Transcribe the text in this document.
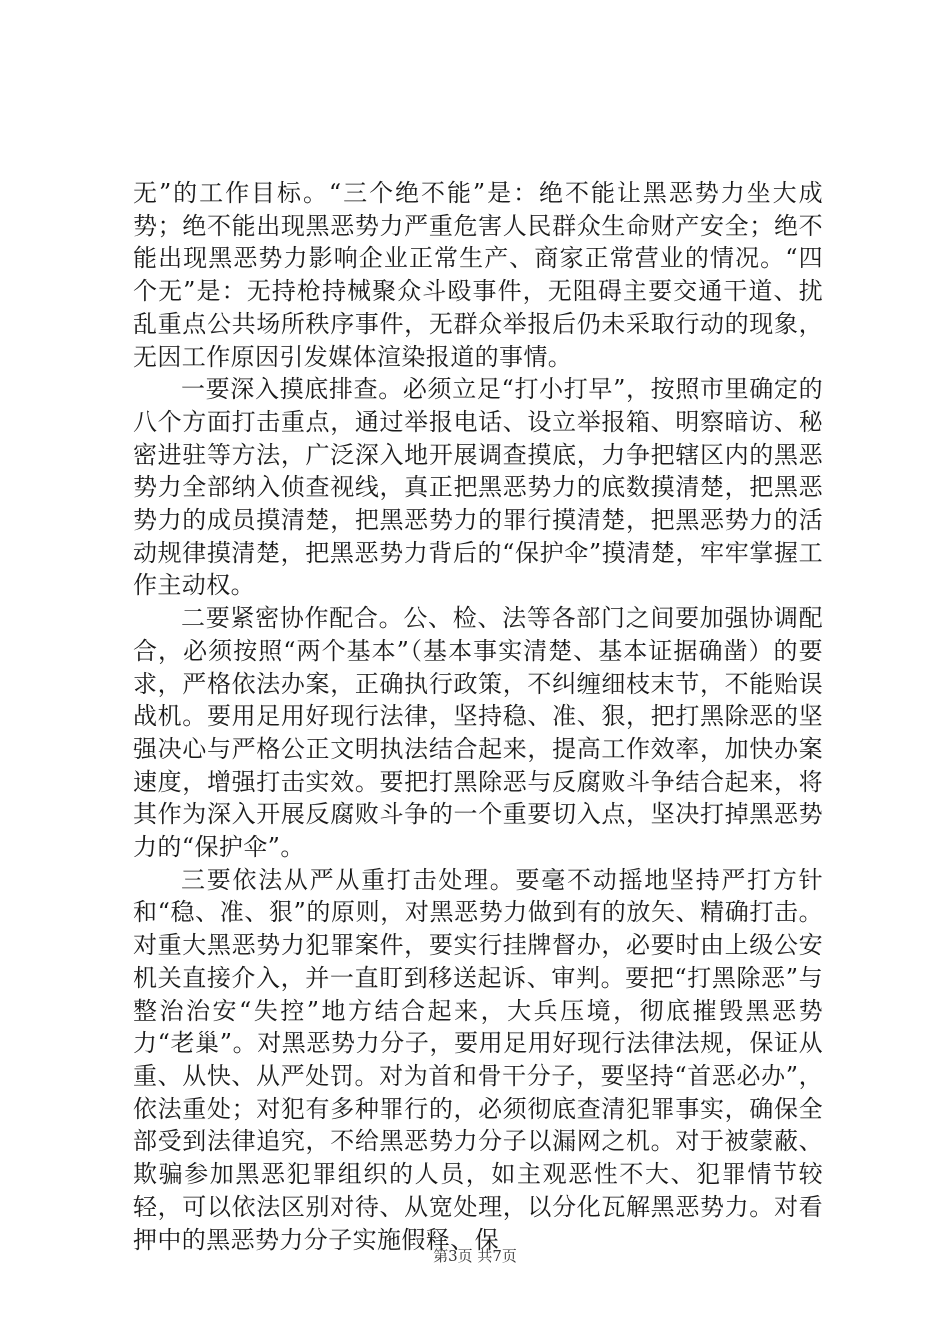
无”的工作目标。“三个绝不能”是：绝不能让黑恶势力坐大成势；绝不能出现黑恶势力严重危害人民群众生命财产安全；绝不能出现黑恶势力影响企业正常生产、商家正常营业的情况。“四个无”是：无持枪持械聚众斗殴事件，无阻碍主要交通干道、扰乱重点公共场所秩序事件，无群众举报后仍未采取行动的现象，无因工作原因引发媒体渲染报道的事情。

一要深入摸底排查。必须立足“打小打早”，按照市里确定的八个方面打击重点，通过举报电话、设立举报箱、明察暗访、秘密进驻等方法，广泛深入地开展调查摸底，力争把辖区内的黑恶势力全部纳入侦查视线，真正把黑恶势力的底数摸清楚，把黑恶势力的成员摸清楚，把黑恶势力的罪行摸清楚，把黑恶势力的活动规律摸清楚，把黑恶势力背后的“保护伞”摸清楚，牢牢掌握工作主动权。

二要紧密协作配合。公、检、法等各部门之间要加强协调配合，必须按照“两个基本”（基本事实清楚、基本证据确凿）的要求，严格依法办案，正确执行政策，不纠缠细枝末节，不能贻误战机。要用足用好现行法律，坚持稳、准、狠，把打黑除恶的坚强决心与严格公正文明执法结合起来，提高工作效率，加快办案速度，增强打击实效。要把打黑除恶与反腐败斗争结合起来，将其作为深入开展反腐败斗争的一个重要切入点，坚决打掉黑恶势力的“保护伞”。

三要依法从严从重打击处理。要毫不动摇地坚持严打方针和“稳、准、狠”的原则，对黑恶势力做到有的放矢、精确打击。对重大黑恶势力犯罪案件，要实行挂牌督办，必要时由上级公安机关直接介入，并一直盯到移送起诉、审判。要把“打黑除恶”与整治治安“失控”地方结合起来，大兵压境，彻底摧毁黑恶势力“老巢”。对黑恶势力分子，要用足用好现行法律法规，保证从重、从快、从严处罚。对为首和骨干分子，要坚持“首恶必办”，依法重处；对犯有多种罪行的，必须彻底查清犯罪事实，确保全部受到法律追究，不给黑恶势力分子以漏网之机。对于被蒙蔽、欺骗参加黑恶犯罪组织的人员，如主观恶性不大、犯罪情节较轻，可以依法区别对待、从宽处理，以分化瓦解黑恶势力。对看押中的黑恶势力分子实施假释、保

第3页 共7页
